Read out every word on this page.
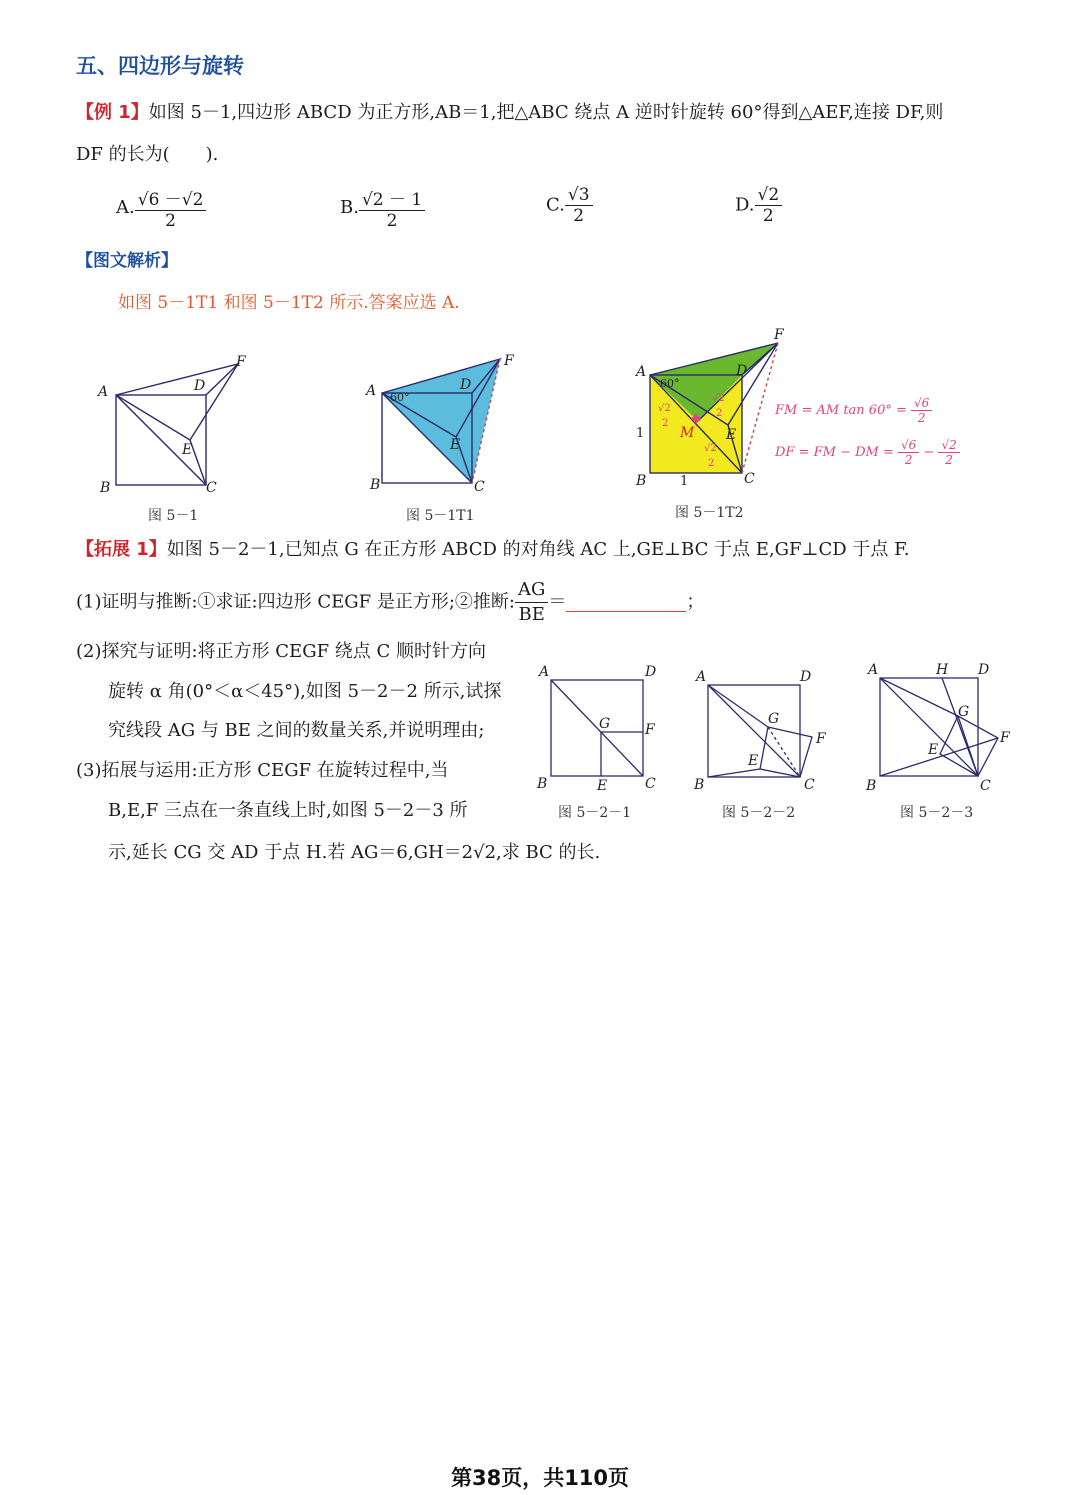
五、四边形与旋转
【例 1】如图 5－1,四边形 ABCD 为正方形,AB＝1,把△ABC 绕点 A 逆时针旋转 60°得到△AEF,连接 DF,则
DF 的长为(　　).
A. $\frac{√6 -√2}{2}$	B. $\frac{√2 - 1}{2}$	C. $\frac{√3}{2}$	D. $\frac{√2}{2}$
【图文解析】
如图 5－1T1 和图 5－1T2 所示.答案应选 A.
A	D
F
E
B	C
图 5－1
A	D
F
E
B	C
60°
图 5－1T1
A	D
F
E
M
B	C
60°
1
1
√2
2
√2
2
√2
2
图 5－1T2
FM = AM $\tan 60^\circ = \frac{√6}{2}$
DF = FM − DM = $\frac{√6}{2} - \frac{√2}{2}$
【拓展 1】如图 5－2－1,已知点 G 在正方形 ABCD 的对角线 AC 上,GE⊥BC 于点 E,GF⊥CD 于点 F.
(1)证明与推断:①求证:四边形 CEGF 是正方形;②推断: $\frac{AG}{BE}$ ＝	；
(2)探究与证明:将正方形 CEGF 绕点 C 顺时针方向
旋转 α 角(0°＜α＜45°),如图 5－2－2 所示,试探
究线段 AG 与 BE 之间的数量关系,并说明理由;
(3)拓展与运用:正方形 CEGF 在旋转过程中,当
B,E,F 三点在一条直线上时,如图 5－2－3 所
示,延长 CG 交 AD 于点 H.若 AG＝6,GH＝2√2,求 BC 的长.
A	D
G F
B	E	C
图 5－2－1
A	D
G
F
E
B	C
图 5－2－2
A	H D
G
F
E
B	C
图 5－2－3
第38页，共110页
